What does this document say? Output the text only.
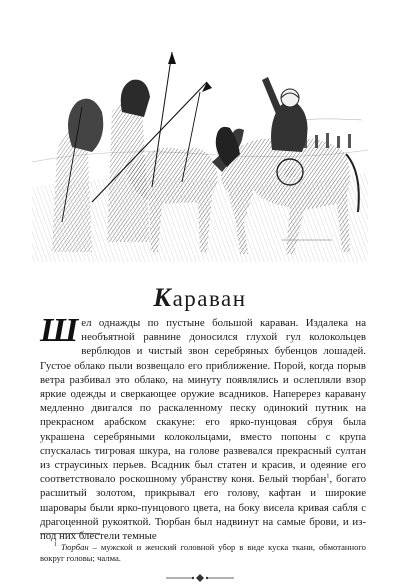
Караван

Шел однажды по пустыне большой караван. Издалека на необъятной равнине доносился глухой гул колокольцев верблюдов и чистый звон серебряных бубенцов лошадей. Густое облако пыли возвещало его приближение. Порой, когда порыв ветра разбивал это облако, на минуту появлялись и ослепляли взор яркие одежды и сверкающее оружие всадников. Наперерез каравану медленно двигался по раскаленному песку одинокий путник на прекрасном арабском скакуне: его ярко-пунцовая сбруя была украшена серебряными колокольцами, вместо попоны с крупа спускалась тигровая шкура, на голове развевался прекрасный султан из страусиных перьев. Всадник был статен и красив, и одеяние его соответствовало роскошному убранству коня. Белый тюрбан$^1$, богато расшитый золотом, прикрывал его голову, кафтан и широкие шаровары были ярко-пунцового цвета, на боку висела кривая сабля с драгоценной рукояткой. Тюрбан был надвинут на самые брови, и из-под них блестели темные

$^1$ Тюрбан – мужской и женский головной убор в виде куска ткани, обмотанного вокруг головы; чалма.
